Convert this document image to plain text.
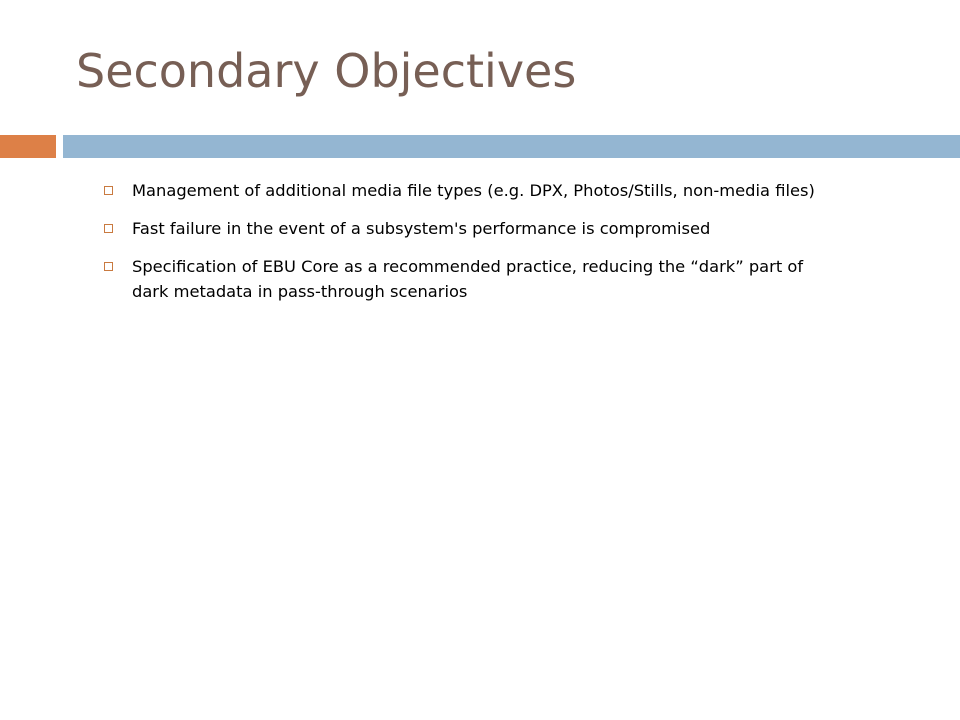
Secondary Objectives
Management of additional media file types (e.g. DPX, Photos/Stills, non-media files)
Fast failure in the event of a subsystem's performance is compromised
Specification of EBU Core as a recommended practice, reducing the “dark” part of dark metadata in pass-through scenarios
